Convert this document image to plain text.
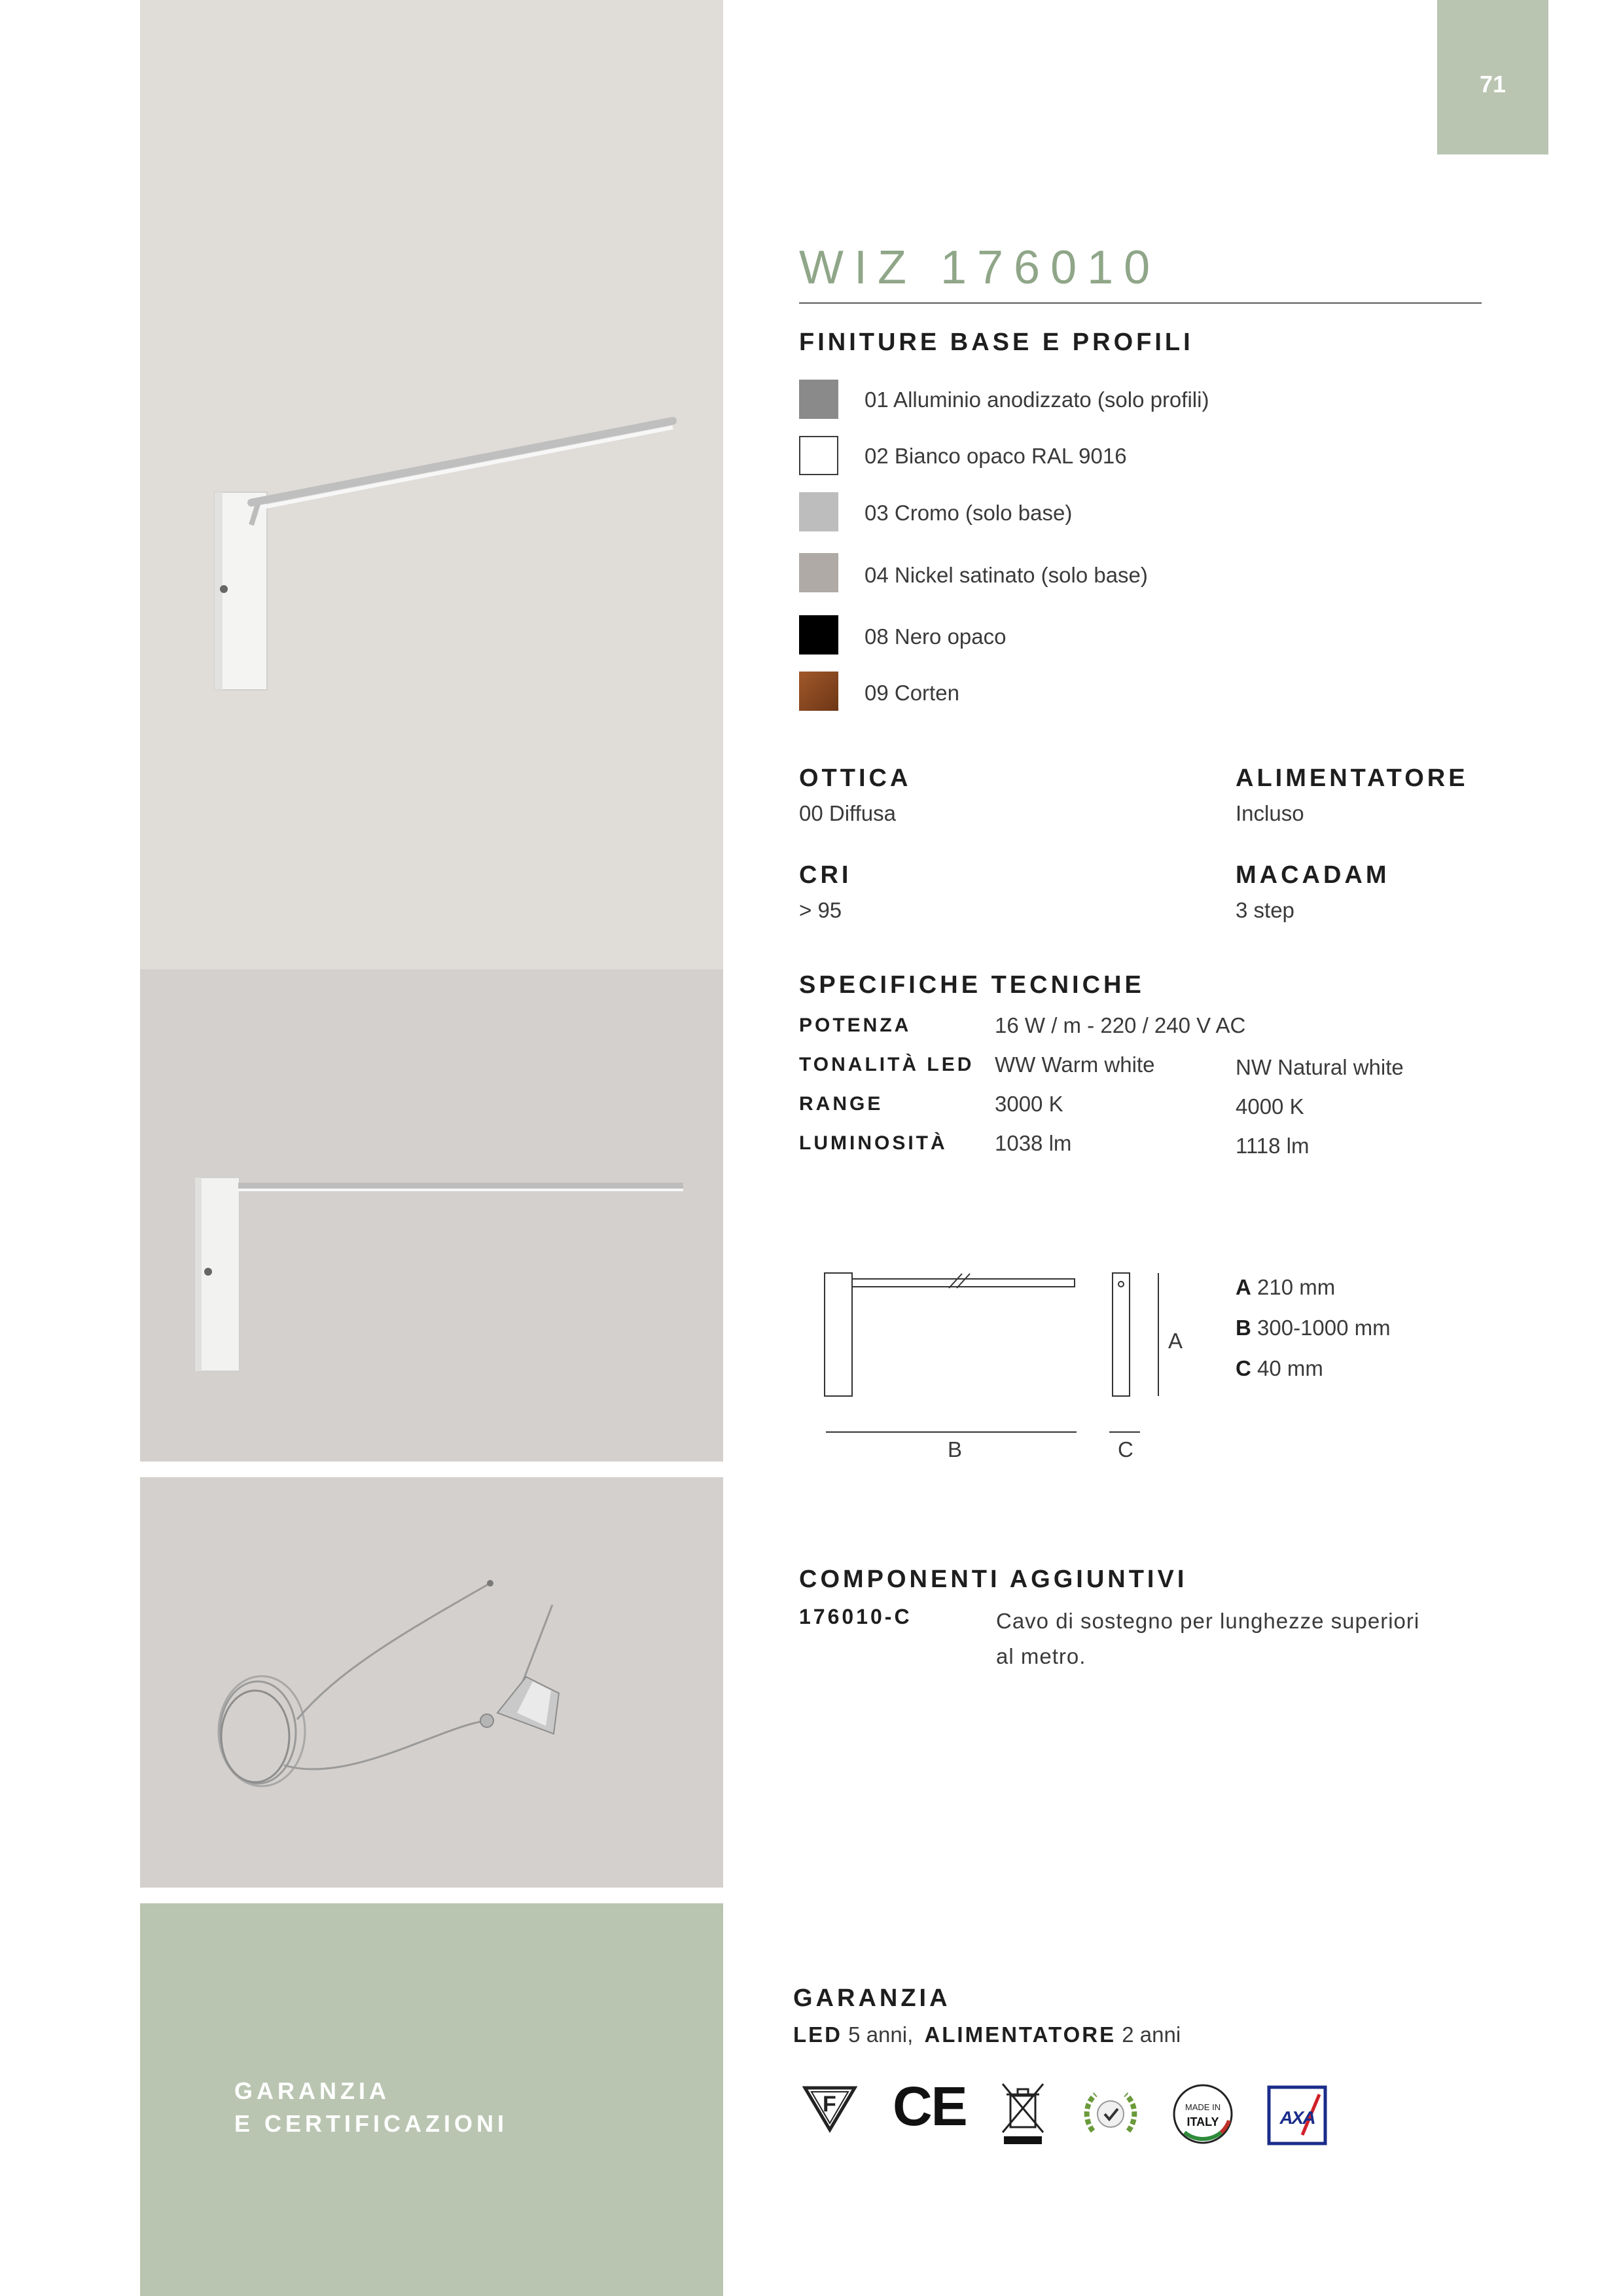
71
GARANZIA
E CERTIFICAZIONI
WIZ 176010
FINITURE BASE E PROFILI
01 Alluminio anodizzato (solo profili)
02 Bianco opaco RAL 9016
03 Cromo (solo base)
04 Nickel satinato (solo base)
08 Nero opaco
09 Corten
OTTICA
00 Diffusa
ALIMENTATORE
Incluso
CRI
> 95
MACADAM
3 step
SPECIFICHE TECNICHE
POTENZA	16 W / m - 220 / 240 V AC
TONALITÀ LED WW Warm white	NW Natural white
RANGE	3000 K	4000 K
LUMINOSITÀ 1038 lm	1118 lm
A
B	C
A 210 mm
B 300-1000 mm
C 40 mm
COMPONENTI AGGIUNTIVI
176010-C	Cavo di sostegno per lunghezze superiori
al metro.
GARANZIA
LED 5 anni, ALIMENTATORE 2 anni
F CE	MADE IN
ITALY	AXA
